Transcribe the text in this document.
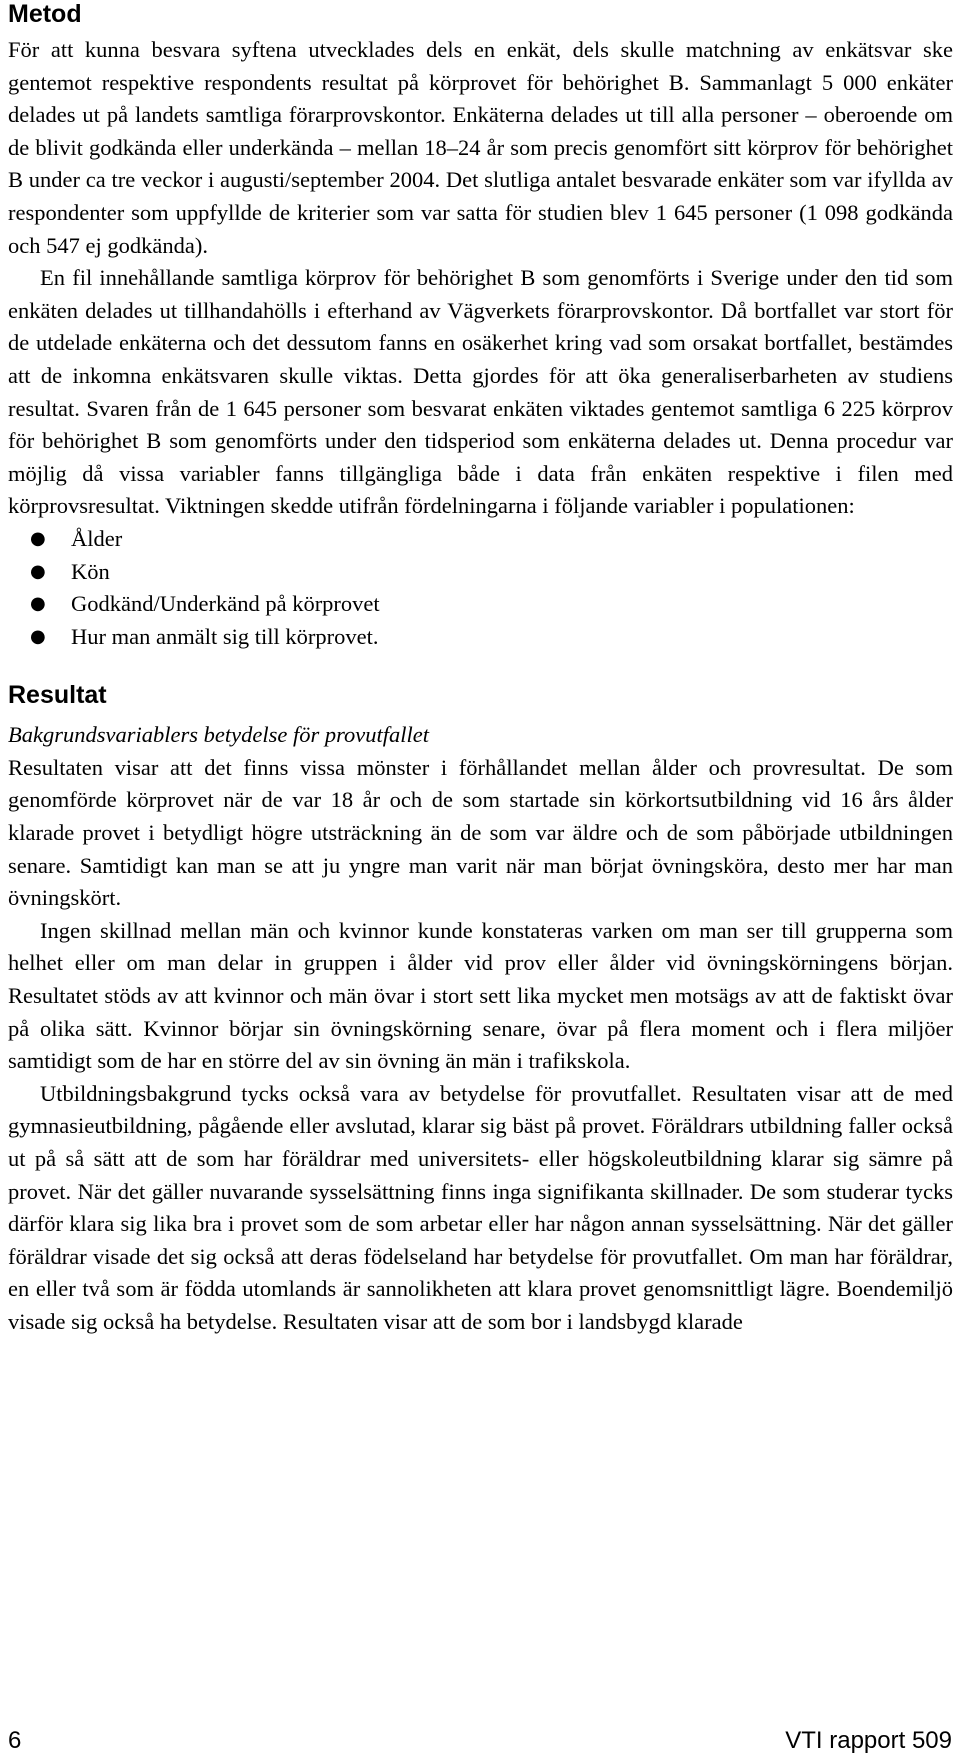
Metod

För att kunna besvara syftena utvecklades dels en enkät, dels skulle matchning av enkätsvar ske gentemot respektive respondents resultat på körprovet för behörighet B. Sammanlagt 5 000 enkäter delades ut på landets samtliga förarprovskontor. Enkäterna delades ut till alla personer – oberoende om de blivit godkända eller underkända – mellan 18–24 år som precis genomfört sitt körprov för behörighet B under ca tre veckor i augusti/september 2004. Det slutliga antalet besvarade enkäter som var ifyllda av respondenter som uppfyllde de kriterier som var satta för studien blev 1 645 personer (1 098 godkända och 547 ej godkända).

En fil innehållande samtliga körprov för behörighet B som genomförts i Sverige under den tid som enkäten delades ut tillhandahölls i efterhand av Vägverkets förarprovskontor. Då bortfallet var stort för de utdelade enkäterna och det dessutom fanns en osäkerhet kring vad som orsakat bortfallet, bestämdes att de inkomna enkätsvaren skulle viktas. Detta gjordes för att öka generaliserbarheten av studiens resultat. Svaren från de 1 645 personer som besvarat enkäten viktades gentemot samtliga 6 225 körprov för behörighet B som genomförts under den tidsperiod som enkäterna delades ut. Denna procedur var möjlig då vissa variabler fanns tillgängliga både i data från enkäten respektive i filen med körprovsresultat. Viktningen skedde utifrån fördelningarna i följande variabler i populationen:

● Ålder
● Kön
● Godkänd/Underkänd på körprovet
● Hur man anmält sig till körprovet.
Resultat
Bakgrundsvariablers betydelse för provutfallet

Resultaten visar att det finns vissa mönster i förhållandet mellan ålder och provresultat. De som genomförde körprovet när de var 18 år och de som startade sin körkortsutbildning vid 16 års ålder klarade provet i betydligt högre utsträckning än de som var äldre och de som påbörjade utbildningen senare. Samtidigt kan man se att ju yngre man varit när man börjat övningsköra, desto mer har man övningskört.

Ingen skillnad mellan män och kvinnor kunde konstateras varken om man ser till grupperna som helhet eller om man delar in gruppen i ålder vid prov eller ålder vid övningskörningens början. Resultatet stöds av att kvinnor och män övar i stort sett lika mycket men motsägs av att de faktiskt övar på olika sätt. Kvinnor börjar sin övningskörning senare, övar på flera moment och i flera miljöer samtidigt som de har en större del av sin övning än män i trafikskola.

Utbildningsbakgrund tycks också vara av betydelse för provutfallet. Resultaten visar att de med gymnasieutbildning, pågående eller avslutad, klarar sig bäst på provet. Föräldrars utbildning faller också ut på så sätt att de som har föräldrar med universitets- eller högskoleutbildning klarar sig sämre på provet. När det gäller nuvarande sysselsättning finns inga signifikanta skillnader. De som studerar tycks därför klara sig lika bra i provet som de som arbetar eller har någon annan sysselsättning. När det gäller föräldrar visade det sig också att deras födelseland har betydelse för provutfallet. Om man har föräldrar, en eller två som är födda utomlands är sannolikheten att klara provet genomsnittligt lägre. Boendemiljö visade sig också ha betydelse. Resultaten visar att de som bor i landsbygd klarade

6	VTI rapport 509
